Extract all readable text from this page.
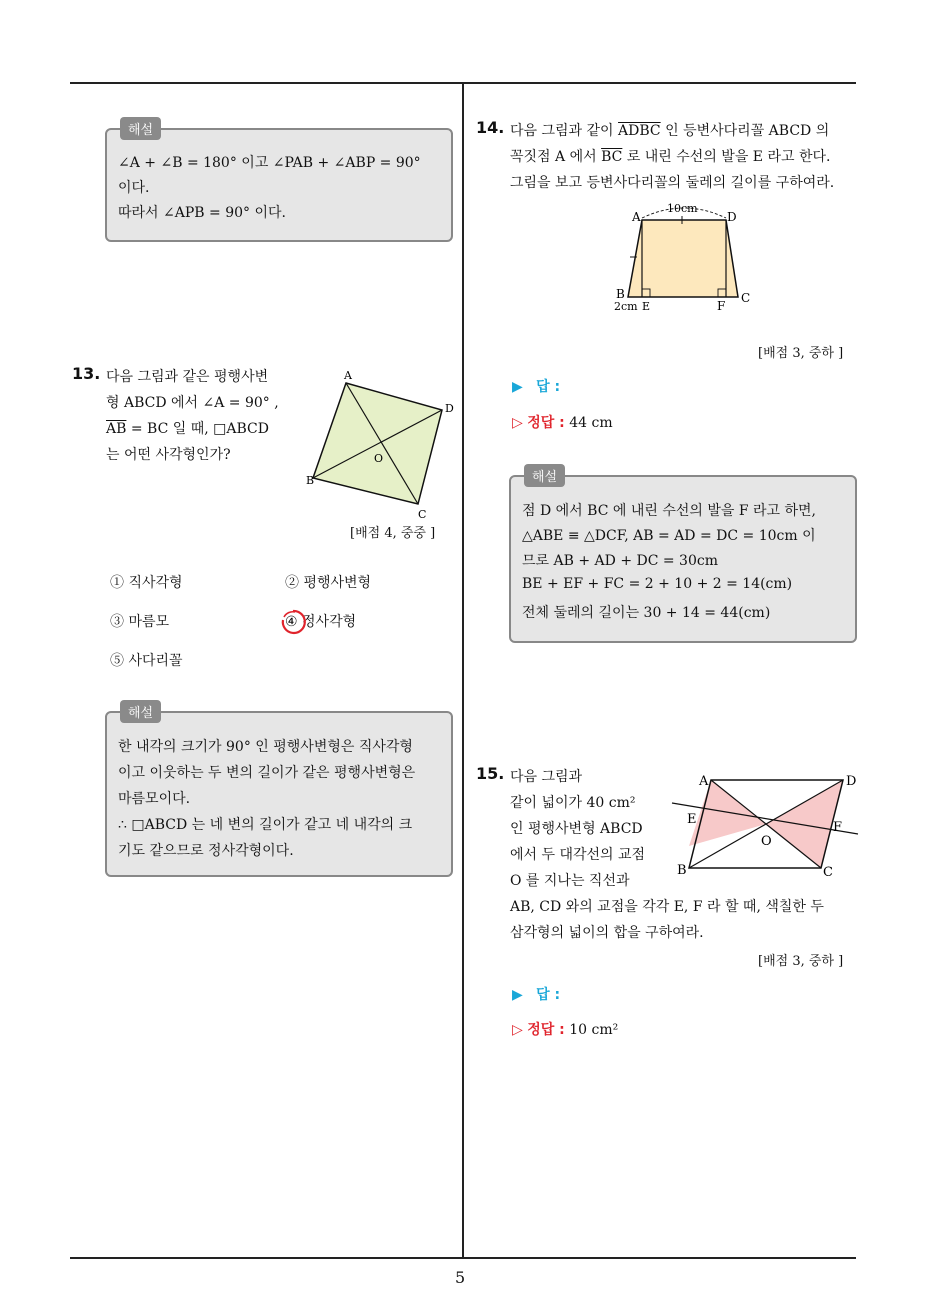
5
해설
∠A + ∠B = 180° 이고 ∠PAB + ∠ABP = 90°
이다.
따라서 ∠APB = 90° 이다.
13. 다음 그림과 같은 평행사변
형 ABCD 에서 ∠A = 90° ,
$\overline{AB}$ = BC 일 때, □ABCD
는 어떤 사각형인가?
A
D
B
C
O
[배점 4, 중중 ]
① 직사각형	② 평행사변형
③ 마름모	④ 정사각형
⑤ 사다리꼴
해설
한 내각의 크기가 90° 인 평행사변형은 직사각형
이고 이웃하는 두 변의 길이가 같은 평행사변형은
마름모이다.
∴ □ABCD 는 네 변의 길이가 같고 네 내각의 크
기도 같으므로 정사각형이다.
14. 다음 그림과 같이 ADBC 인 등변사다리꼴 ABCD 의
꼭짓점 A 에서 $\overline{BC}$ 로 내린 수선의 발을 E 라고 한다.
그림을 보고 등변사다리꼴의 둘레의 길이를 구하여라.
10cm
A	D
B	C
2cm E	F
[배점 3, 중하 ]
▶ 답 :
▷ 정답 : 44 cm
해설
점 D 에서 BC 에 내린 수선의 발을 F 라고 하면,
△ABE ≡ △DCF, AB = AD = DC = 10cm 이
므로 AB + AD + DC = 30cm
BE + EF + FC = 2 + 10 + 2 = 14(cm)
전체 둘레의 길이는 30 + 14 = 44(cm)
15. 다음 그림과
같이 넓이가 40 cm²
인 평행사변형 ABCD
에서 두 대각선의 교점
O 를 지나는 직선과
AB, CD 와의 교점을 각각 E, F 라 할 때, 색칠한 두
삼각형의 넓이의 합을 구하여라.
A	D
E
F
O
B	C
[배점 3, 중하 ]
▶ 답 :
▷ 정답 : 10 cm²
